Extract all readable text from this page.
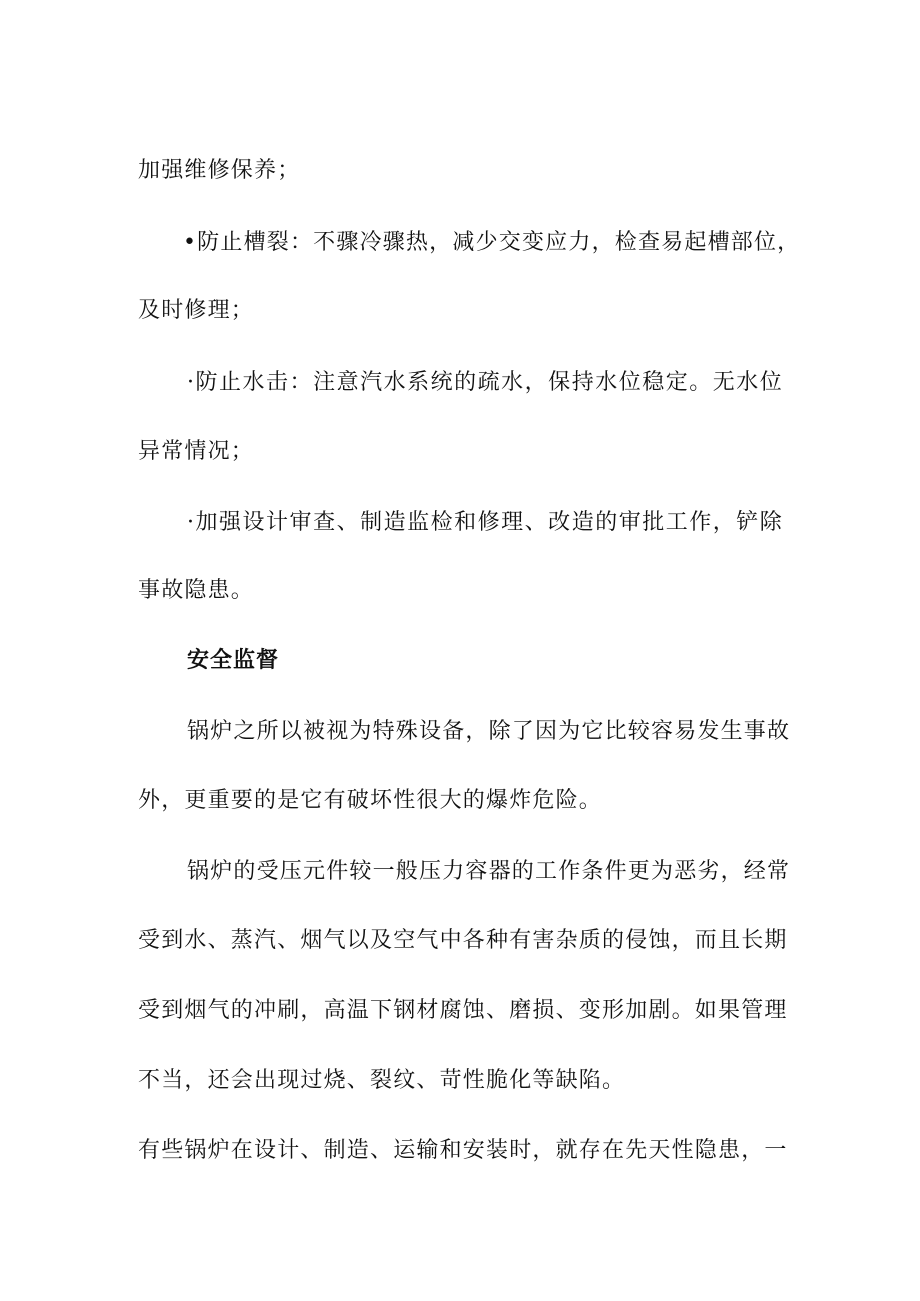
加强维修保养；
•防止槽裂：不骤冷骤热，减少交变应力，检查易起槽部位，
及时修理；
·防止水击：注意汽水系统的疏水，保持水位稳定。无水位
异常情况；
·加强设计审查、制造监检和修理、改造的审批工作，铲除
事故隐患。
安全监督
锅炉之所以被视为特殊设备，除了因为它比较容易发生事故
外，更重要的是它有破坏性很大的爆炸危险。
锅炉的受压元件较一般压力容器的工作条件更为恶劣，经常
受到水、蒸汽、烟气以及空气中各种有害杂质的侵蚀，而且长期
受到烟气的冲刷，高温下钢材腐蚀、磨损、变形加剧。如果管理
不当，还会出现过烧、裂纹、苛性脆化等缺陷。
有些锅炉在设计、制造、运输和安装时，就存在先天性隐患，一
